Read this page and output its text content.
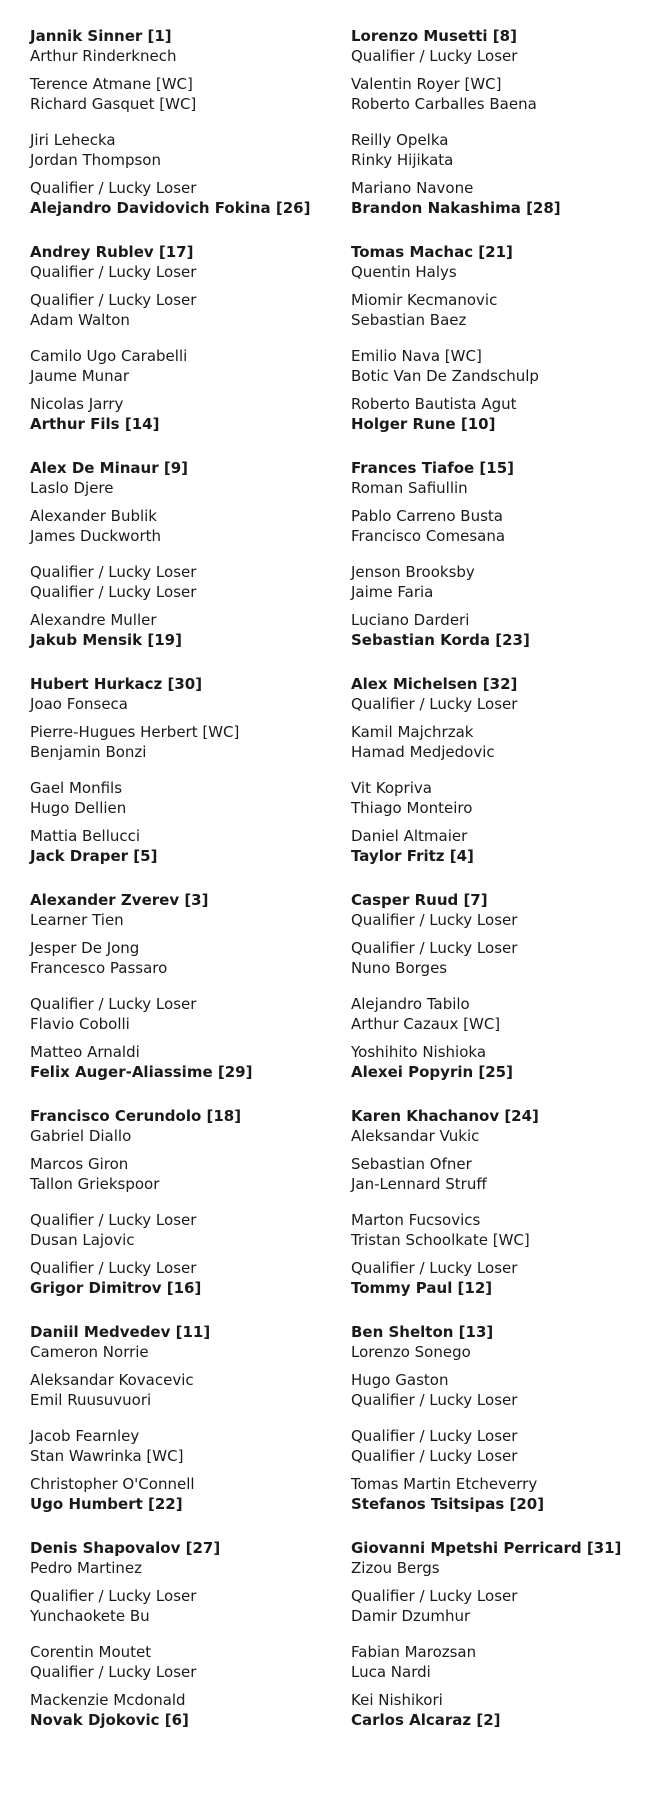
Jannik Sinner [1]
Arthur Rinderknech
Terence Atmane [WC]
Richard Gasquet [WC]
Jiri Lehecka
Jordan Thompson
Qualifier / Lucky Loser
Alejandro Davidovich Fokina [26]
Andrey Rublev [17]
Qualifier / Lucky Loser
Qualifier / Lucky Loser
Adam Walton
Camilo Ugo Carabelli
Jaume Munar
Nicolas Jarry
Arthur Fils [14]
Alex De Minaur [9]
Laslo Djere
Alexander Bublik
James Duckworth
Qualifier / Lucky Loser
Qualifier / Lucky Loser
Alexandre Muller
Jakub Mensik [19]
Hubert Hurkacz [30]
Joao Fonseca
Pierre-Hugues Herbert [WC]
Benjamin Bonzi
Gael Monfils
Hugo Dellien
Mattia Bellucci
Jack Draper [5]
Alexander Zverev [3]
Learner Tien
Jesper De Jong
Francesco Passaro
Qualifier / Lucky Loser
Flavio Cobolli
Matteo Arnaldi
Felix Auger-Aliassime [29]
Francisco Cerundolo [18]
Gabriel Diallo
Marcos Giron
Tallon Griekspoor
Qualifier / Lucky Loser
Dusan Lajovic
Qualifier / Lucky Loser
Grigor Dimitrov [16]
Daniil Medvedev [11]
Cameron Norrie
Aleksandar Kovacevic
Emil Ruusuvuori
Jacob Fearnley
Stan Wawrinka [WC]
Christopher O'Connell
Ugo Humbert [22]
Denis Shapovalov [27]
Pedro Martinez
Qualifier / Lucky Loser
Yunchaokete Bu
Corentin Moutet
Qualifier / Lucky Loser
Mackenzie Mcdonald
Novak Djokovic [6]
Lorenzo Musetti [8]
Qualifier / Lucky Loser
Valentin Royer [WC]
Roberto Carballes Baena
Reilly Opelka
Rinky Hijikata
Mariano Navone
Brandon Nakashima [28]
Tomas Machac [21]
Quentin Halys
Miomir Kecmanovic
Sebastian Baez
Emilio Nava [WC]
Botic Van De Zandschulp
Roberto Bautista Agut
Holger Rune [10]
Frances Tiafoe [15]
Roman Safiullin
Pablo Carreno Busta
Francisco Comesana
Jenson Brooksby
Jaime Faria
Luciano Darderi
Sebastian Korda [23]
Alex Michelsen [32]
Qualifier / Lucky Loser
Kamil Majchrzak
Hamad Medjedovic
Vit Kopriva
Thiago Monteiro
Daniel Altmaier
Taylor Fritz [4]
Casper Ruud [7]
Qualifier / Lucky Loser
Qualifier / Lucky Loser
Nuno Borges
Alejandro Tabilo
Arthur Cazaux [WC]
Yoshihito Nishioka
Alexei Popyrin [25]
Karen Khachanov [24]
Aleksandar Vukic
Sebastian Ofner
Jan-Lennard Struff
Marton Fucsovics
Tristan Schoolkate [WC]
Qualifier / Lucky Loser
Tommy Paul [12]
Ben Shelton [13]
Lorenzo Sonego
Hugo Gaston
Qualifier / Lucky Loser
Qualifier / Lucky Loser
Qualifier / Lucky Loser
Tomas Martin Etcheverry
Stefanos Tsitsipas [20]
Giovanni Mpetshi Perricard [31]
Zizou Bergs
Qualifier / Lucky Loser
Damir Dzumhur
Fabian Marozsan
Luca Nardi
Kei Nishikori
Carlos Alcaraz [2]
